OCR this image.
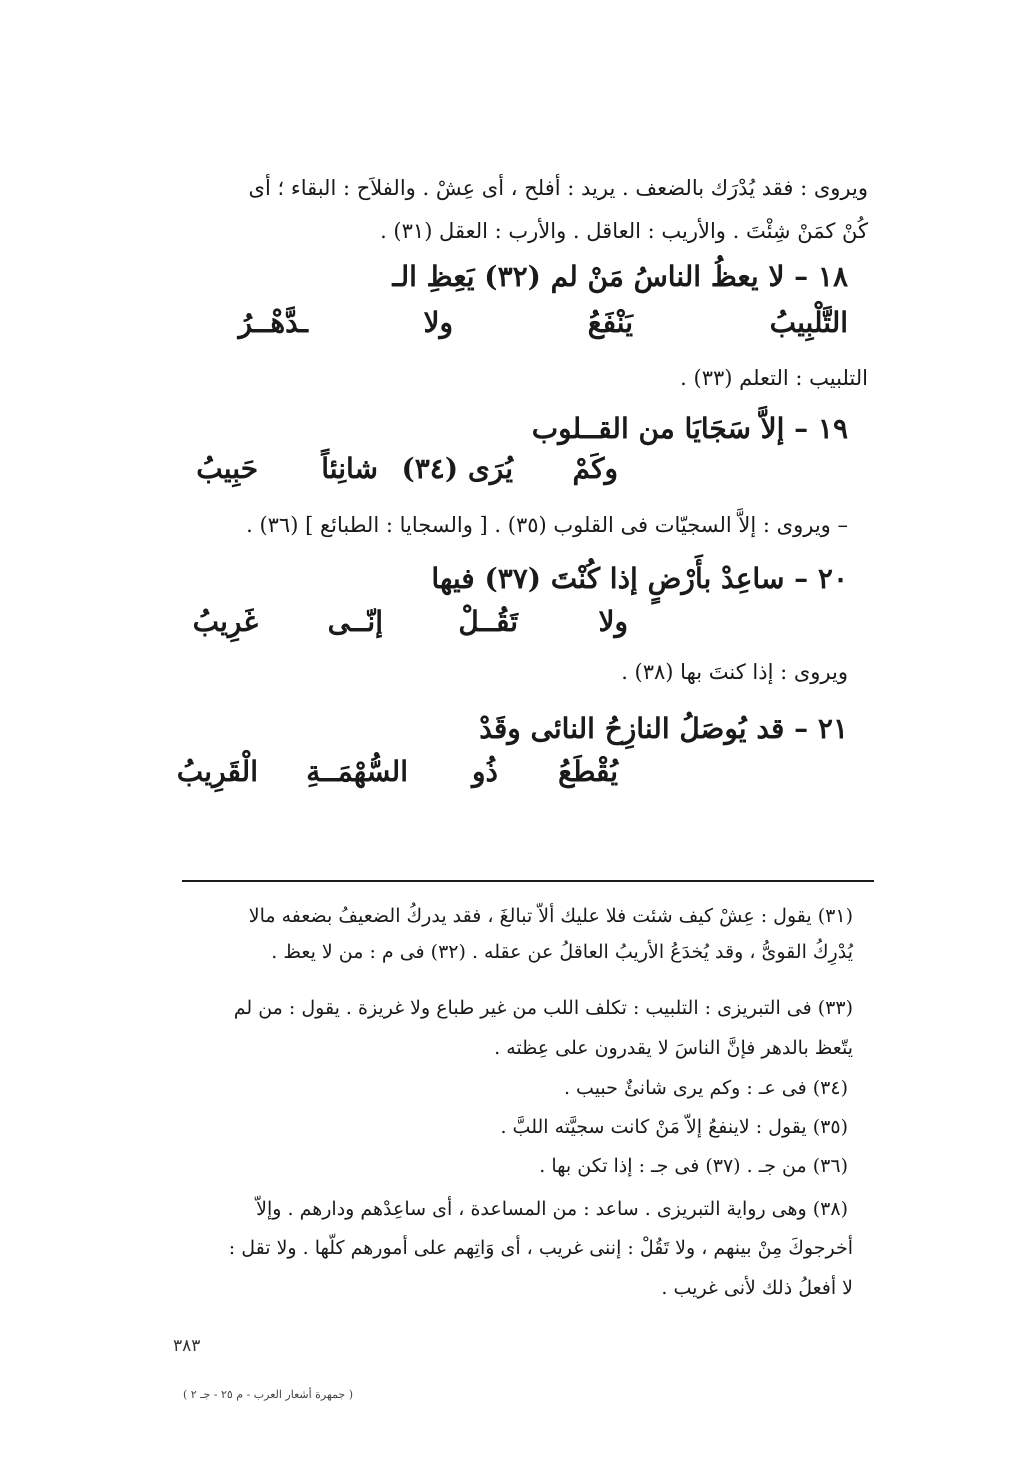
ويروى : فقد يُدْرَك بالضعف . يريد : أفلح ، أى عِشْ . والفلاَح : البقاء ؛ أى
كُنْ كمَنْ شِئْتَ . والأريب : العاقل . والأرب : العقل (٣١) .
١٨ – لا يعظُ الناسُ مَنْ لم (٣٢) يَعِظِ الـ
ـدَّهْــرُ	ولا	يَنْفَعُ	التَّلْبِيبُ
التلبيب : التعلم (٣٣) .
١٩ – إلاَّ سَجَايَا من القــلوب
وكَمْ
يُرَى (٣٤)
شانِئاً
حَبِيبُ
– ويروى : إلاَّ السجيّات فى القلوب (٣٥) . [ والسجايا : الطبائع ] (٣٦) .
٢٠ – ساعِدْ بأَرْضٍ إذا كُنْتَ (٣٧) فيها
ولا
تَقُــلْ
إنّــى
غَرِيبُ
ويروى : إذا كنتَ بها (٣٨) .
٢١ – قد يُوصَلُ النازِحُ النائى وقَدْ
يُقْطَعُ
ذُو
السُّهْمَــةِ
الْقَرِيبُ
(٣١) يقول : عِشْ كيف شئت فلا عليك ألاّ تبالغَ ، فقد يدركُ الضعيفُ بضعفه مالا
يُدْرِكُ القوىُّ ، وقد يُخدَعُ الأريبُ العاقلُ عن عقله . (٣٢) فى م : من لا يعظ .
(٣٣) فى التبريزى : التلبيب : تكلف اللب من غير طباع ولا غريزة . يقول : من لم
يتّعظ بالدهر فإنَّ الناسَ لا يقدرون على عِظته .
(٣٤) فى عـ : وكم يرى شانئٌ حبيب .
(٣٥) يقول : لاينفعُ إلاّ مَنْ كانت سجيَّته اللبَّ .
(٣٦) من جـ . (٣٧) فى جـ : إذا تكن بها .
(٣٨) وهى رواية التبريزى . ساعد : من المساعدة ، أى ساعِدْهم ودارهم . وإلاّ
أخرجوكَ مِنْ بينهم ، ولا تَقُلْ : إننى غريب ، أى وَاتِهم على أمورهم كلّها . ولا تقل :
لا أفعلُ ذلك لأنى غريب .
٣٨٣
( جمهرة أشعار العرب - م ٢٥ - جـ ٢ )
